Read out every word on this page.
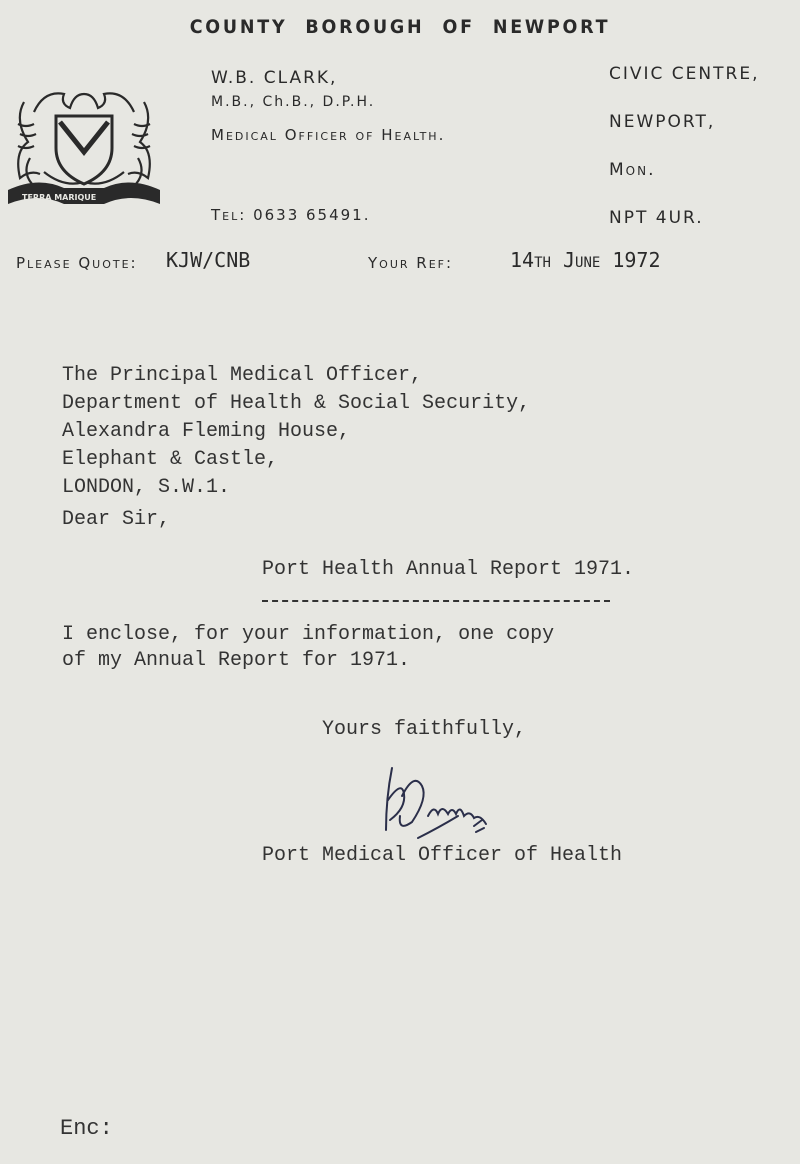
COUNTY BOROUGH OF NEWPORT
TERRA MARIQUE
W.B. CLARK,
M.B., Ch.B., D.P.H.
Medical Officer of Health.
Tel: 0633 65491.
CIVIC CENTRE,
NEWPORT,
Mon.
NPT 4UR.
Please Quote: KJW/CNB	Your Ref:	14th June 1972
The Principal Medical Officer,
Department of Health & Social Security,
Alexandra Fleming House,
Elephant & Castle,
LONDON, S.W.1.
Dear Sir,
Port Health Annual Report 1971.
I enclose, for your information, one copy
of my Annual Report for 1971.
Yours faithfully,
Port Medical Officer of Health
Enc:
